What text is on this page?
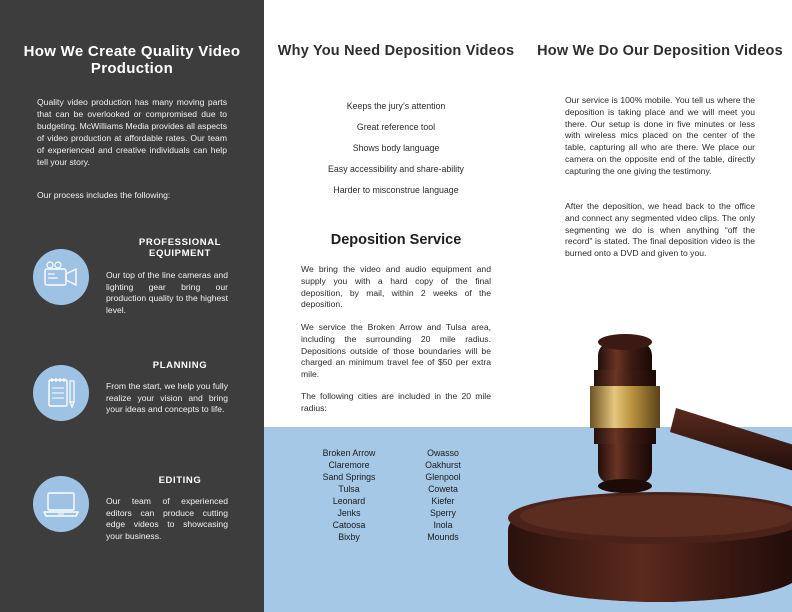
How We Create Quality Video Production

Quality video production has many moving parts that can be overlooked or compromised due to budgeting. McWilliams Media provides all aspects of video production at affordable rates. Our team of experienced and creative individuals can help tell your story.

Our process includes the following:

PROFESSIONAL EQUIPMENT

Our top of the line cameras and lighting gear bring our production quality to the highest level.

PLANNING

From the start, we help you fully realize your vision and bring your ideas and concepts to life.

EDITING

Our team of experienced editors can produce cutting edge videos to showcasing your business.

Why You Need Deposition Videos
Keeps the jury’s attention
Great reference tool
Shows body language
Easy accessibility and share-ability
Harder to misconstrue language
Deposition Service

We bring the video and audio equipment and supply you with a hard copy of the final deposition, by mail, within 2 weeks of the deposition.

We service the Broken Arrow and Tulsa area, including the surrounding 20 mile radius. Depositions outside of those boundaries will be charged an minimum travel fee of $50 per extra mile.

The following cities are included in the 20 mile radius:

Broken Arrow
Claremore
Sand Springs
Tulsa
Leonard
Jenks
Catoosa
Bixby
Owasso
Oakhurst
Glenpool
Coweta
Kiefer
Sperry
Inola
Mounds
How We Do Our Deposition Videos

Our service is 100% mobile. You tell us where the deposition is taking place and we will meet you there. Our setup is done in five minutes or less with wireless mics placed on the center of the table, capturing all who are there. We place our camera on the opposite end of the table, directly capturing the one giving the testimony.

After the deposition, we head back to the office and connect any segmented video clips. The only segmenting we do is when anything “off the record” is stated. The final deposition video is the burned onto a DVD and given to you.
